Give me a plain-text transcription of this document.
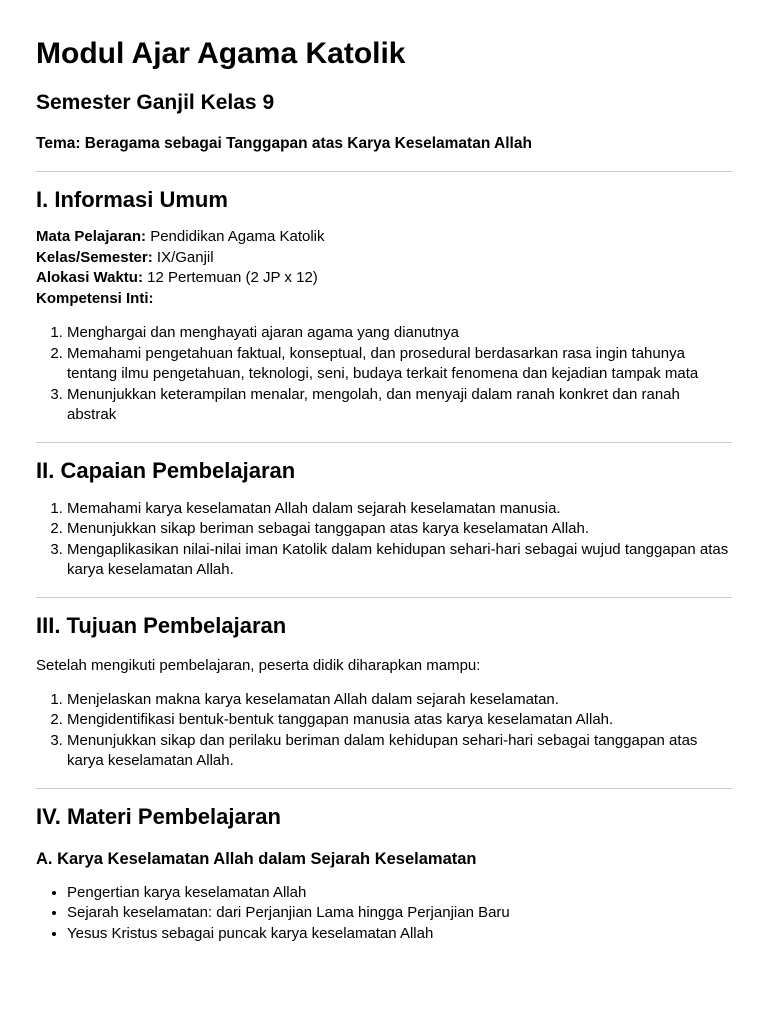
Modul Ajar Agama Katolik
Semester Ganjil Kelas 9
Tema: Beragama sebagai Tanggapan atas Karya Keselamatan Allah
I. Informasi Umum
Mata Pelajaran: Pendidikan Agama Katolik
Kelas/Semester: IX/Ganjil
Alokasi Waktu: 12 Pertemuan (2 JP x 12)
Kompetensi Inti:
1. Menghargai dan menghayati ajaran agama yang dianutnya
2. Memahami pengetahuan faktual, konseptual, dan prosedural berdasarkan rasa ingin tahunya tentang ilmu pengetahuan, teknologi, seni, budaya terkait fenomena dan kejadian tampak mata
3. Menunjukkan keterampilan menalar, mengolah, dan menyaji dalam ranah konkret dan ranah abstrak
II. Capaian Pembelajaran
1. Memahami karya keselamatan Allah dalam sejarah keselamatan manusia.
2. Menunjukkan sikap beriman sebagai tanggapan atas karya keselamatan Allah.
3. Mengaplikasikan nilai-nilai iman Katolik dalam kehidupan sehari-hari sebagai wujud tanggapan atas karya keselamatan Allah.
III. Tujuan Pembelajaran

Setelah mengikuti pembelajaran, peserta didik diharapkan mampu:

1. Menjelaskan makna karya keselamatan Allah dalam sejarah keselamatan.
2. Mengidentifikasi bentuk-bentuk tanggapan manusia atas karya keselamatan Allah.
3. Menunjukkan sikap dan perilaku beriman dalam kehidupan sehari-hari sebagai tanggapan atas karya keselamatan Allah.
IV. Materi Pembelajaran
A. Karya Keselamatan Allah dalam Sejarah Keselamatan
• Pengertian karya keselamatan Allah
• Sejarah keselamatan: dari Perjanjian Lama hingga Perjanjian Baru
• Yesus Kristus sebagai puncak karya keselamatan Allah
